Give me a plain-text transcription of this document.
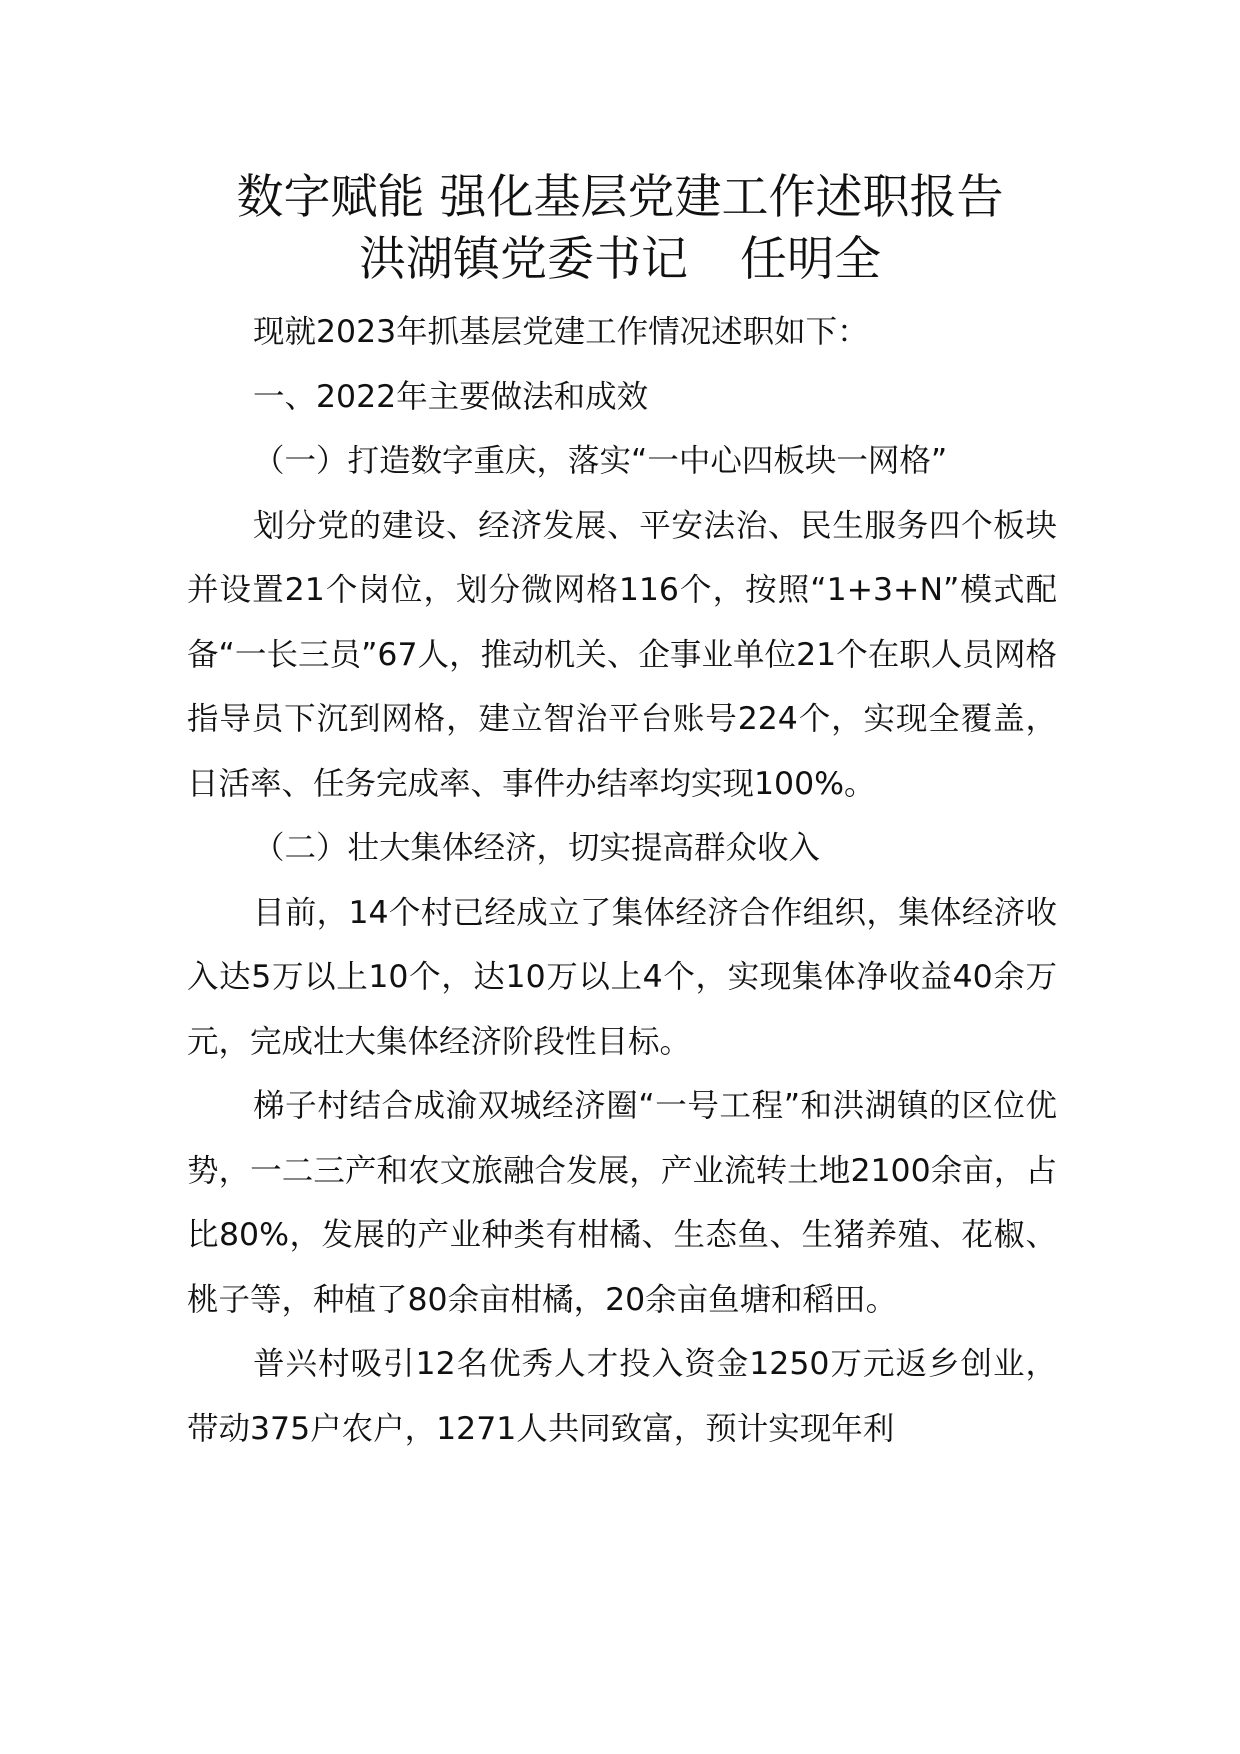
数字赋能 强化基层党建工作述职报告
洪湖镇党委书记 任明全

现就2023年抓基层党建工作情况述职如下：

一、2022年主要做法和成效

（一）打造数字重庆，落实“一中心四板块一网格”

划分党的建设、经济发展、平安法治、民生服务四个板块并设置21个岗位，划分微网格116个，按照“1+3+N”模式配备“一长三员”67人，推动机关、企事业单位21个在职人员网格指导员下沉到网格，建立智治平台账号224个，实现全覆盖，日活率、任务完成率、事件办结率均实现100%。

（二）壮大集体经济，切实提高群众收入

目前，14个村已经成立了集体经济合作组织，集体经济收入达5万以上10个，达10万以上4个，实现集体净收益40余万元，完成壮大集体经济阶段性目标。

梯子村结合成渝双城经济圈“一号工程”和洪湖镇的区位优势，一二三产和农文旅融合发展，产业流转土地2100余亩，占比80%，发展的产业种类有柑橘、生态鱼、生猪养殖、花椒、桃子等，种植了80余亩柑橘，20余亩鱼塘和稻田。

普兴村吸引12名优秀人才投入资金1250万元返乡创业，带动375户农户，1271人共同致富，预计实现年利
